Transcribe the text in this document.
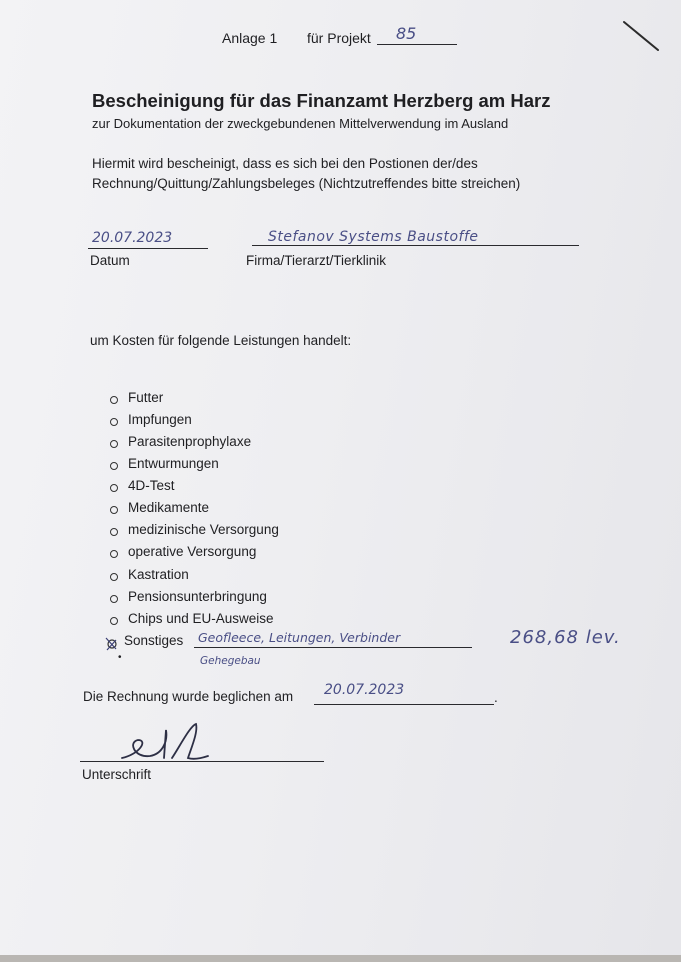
Anlage 1 für Projekt 85
Bescheinigung für das Finanzamt Herzberg am Harz
zur Dokumentation der zweckgebundenen Mittelverwendung im Ausland
Hiermit wird bescheinigt, dass es sich bei den Postionen der/des
Rechnung/Quittung/Zahlungsbeleges (Nichtzutreffendes bitte streichen)
20.07.2023
Datum
Stefanov Systems Baustoffe
Firma/Tierarzt/Tierklinik
um Kosten für folgende Leistungen handelt:
Futter
Impfungen
Parasitenprophylaxe
Entwurmungen
4D-Test
Medikamente
medizinische Versorgung
operative Versorgung
Kastration
Pensionsunterbringung
Chips und EU-Ausweise
Sonstiges Geofleece, Leitungen, Verbinder
Gehegebau
268,68 lev.
•
Die Rechnung wurde beglichen am 20.07.2023	.
Unterschrift
